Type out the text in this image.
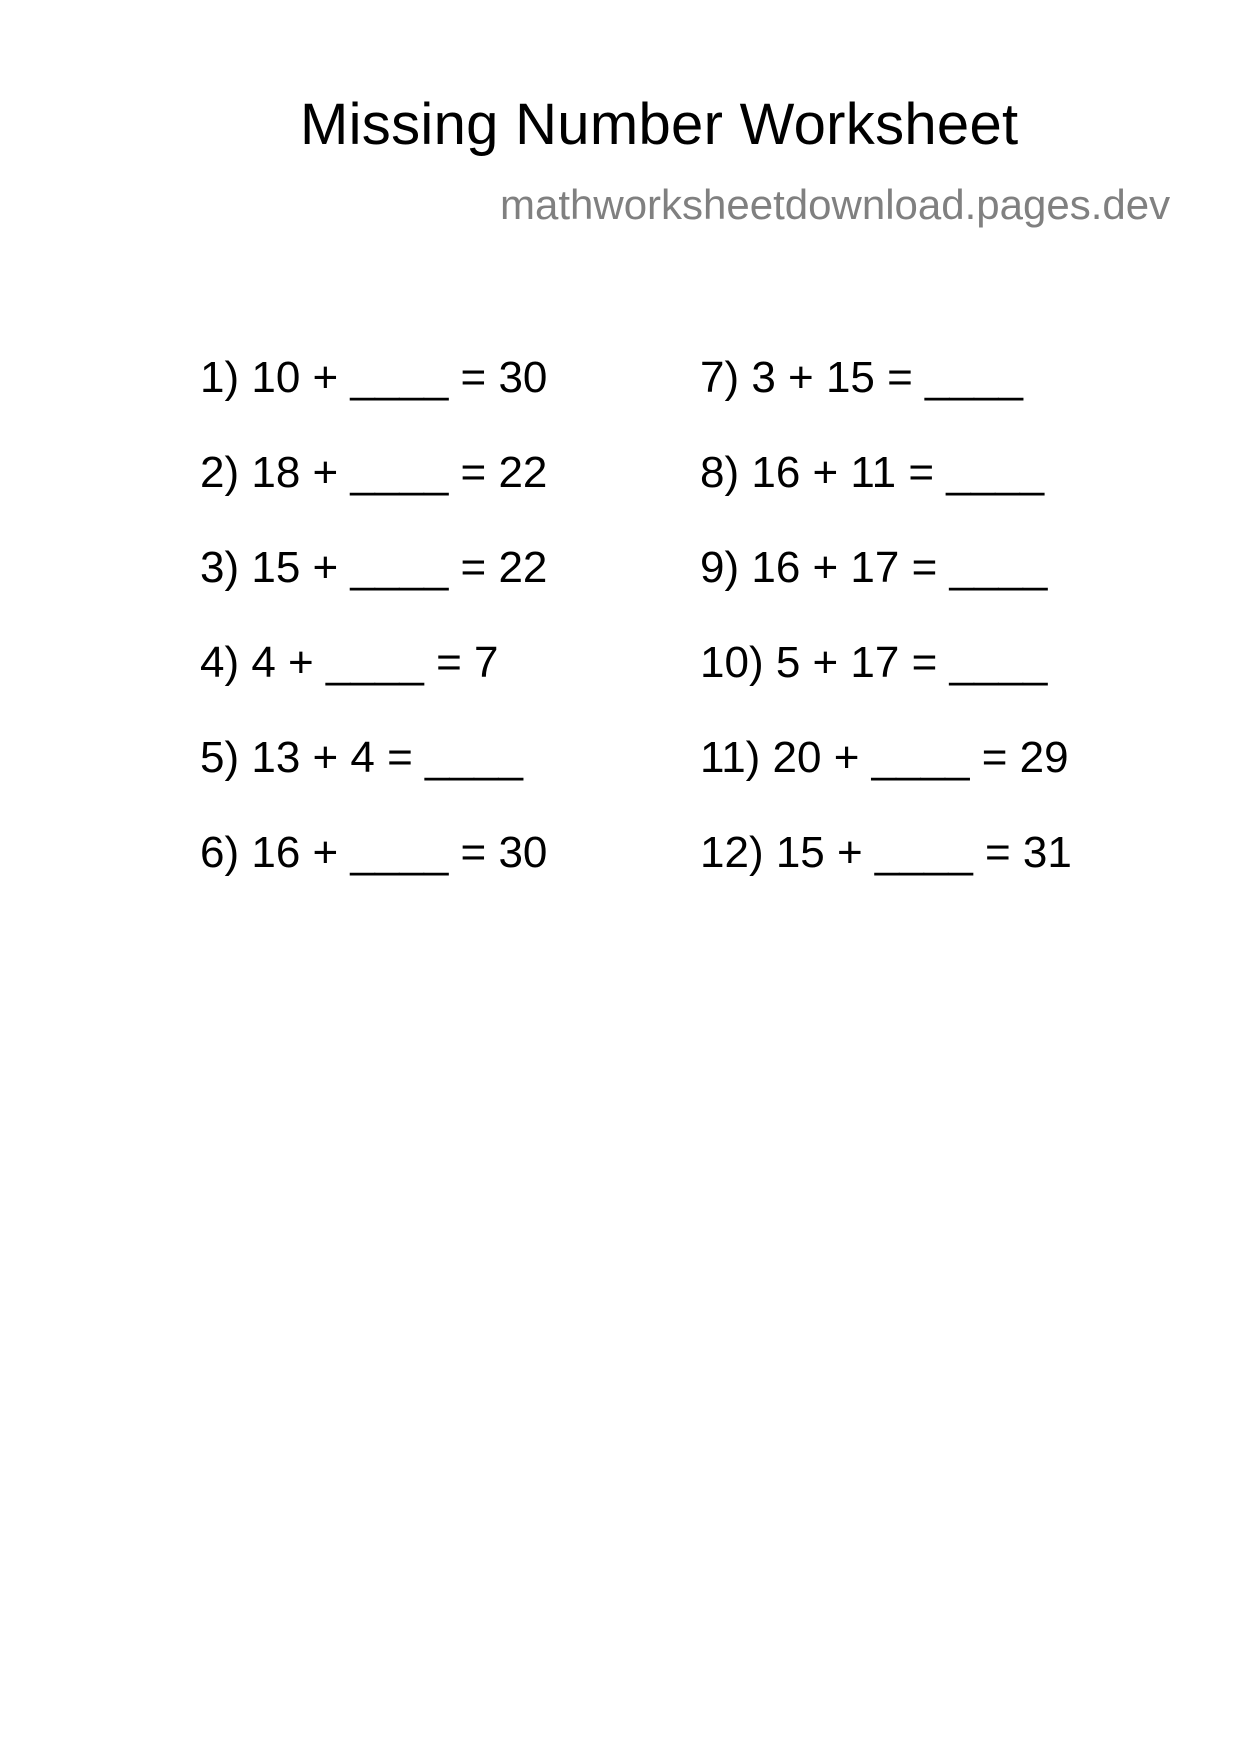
Missing Number Worksheet
mathworksheetdownload.pages.dev
1) 10 + ____ = 30
2) 18 + ____ = 22
3) 15 + ____ = 22
4) 4 + ____ = 7
5) 13 + 4 = ____
6) 16 + ____ = 30
7) 3 + 15 = ____
8) 16 + 11 = ____
9) 16 + 17 = ____
10) 5 + 17 = ____
11) 20 + ____ = 29
12) 15 + ____ = 31
